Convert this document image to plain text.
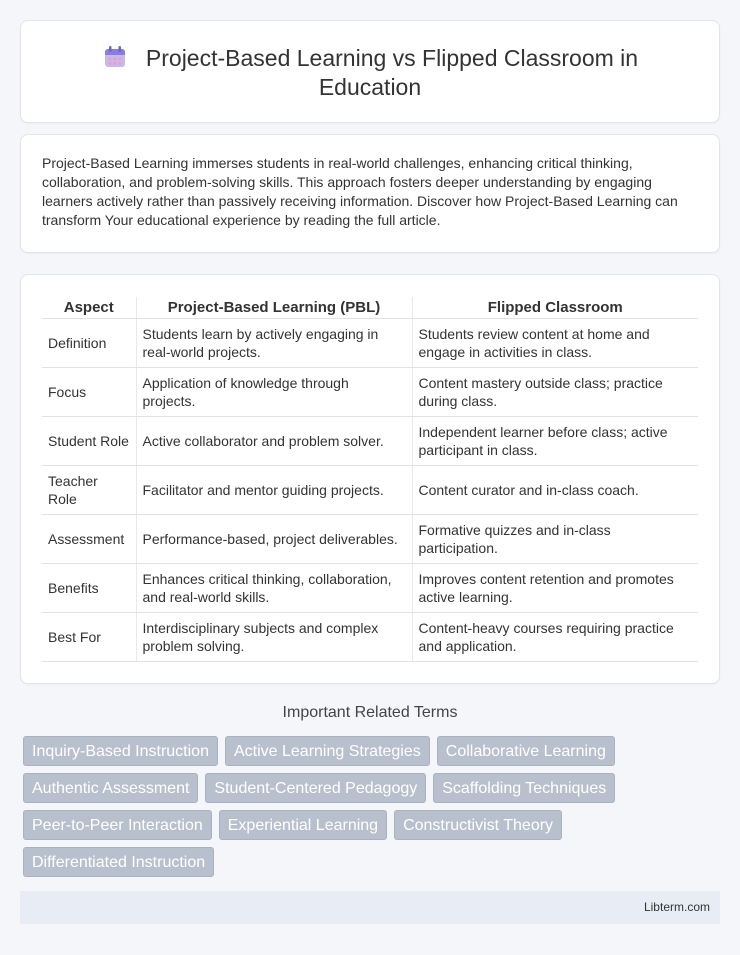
Project-Based Learning vs Flipped Classroom in Education

Project-Based Learning immerses students in real-world challenges, enhancing critical thinking, collaboration, and problem-solving skills. This approach fosters deeper understanding by engaging learners actively rather than passively receiving information. Discover how Project-Based Learning can transform Your educational experience by reading the full article.

Aspect	Project-Based Learning (PBL)	Flipped Classroom
Definition	Students learn by actively engaging in real-world projects.	Students review content at home and engage in activities in class.
Focus	Application of knowledge through projects.	Content mastery outside class; practice during class.
Student Role	Active collaborator and problem solver.	Independent learner before class; active participant in class.
Teacher Role	Facilitator and mentor guiding projects.	Content curator and in-class coach.
Assessment	Performance-based, project deliverables.	Formative quizzes and in-class participation.
Benefits	Enhances critical thinking, collaboration, and real-world skills.	Improves content retention and promotes active learning.
Best For	Interdisciplinary subjects and complex problem solving.	Content-heavy courses requiring practice and application.
Important Related Terms
Inquiry-Based Instruction	Active Learning Strategies	Collaborative Learning
Authentic Assessment	Student-Centered Pedagogy	Scaffolding Techniques
Peer-to-Peer Interaction	Experiential Learning	Constructivist Theory
Differentiated Instruction
Libterm.com
